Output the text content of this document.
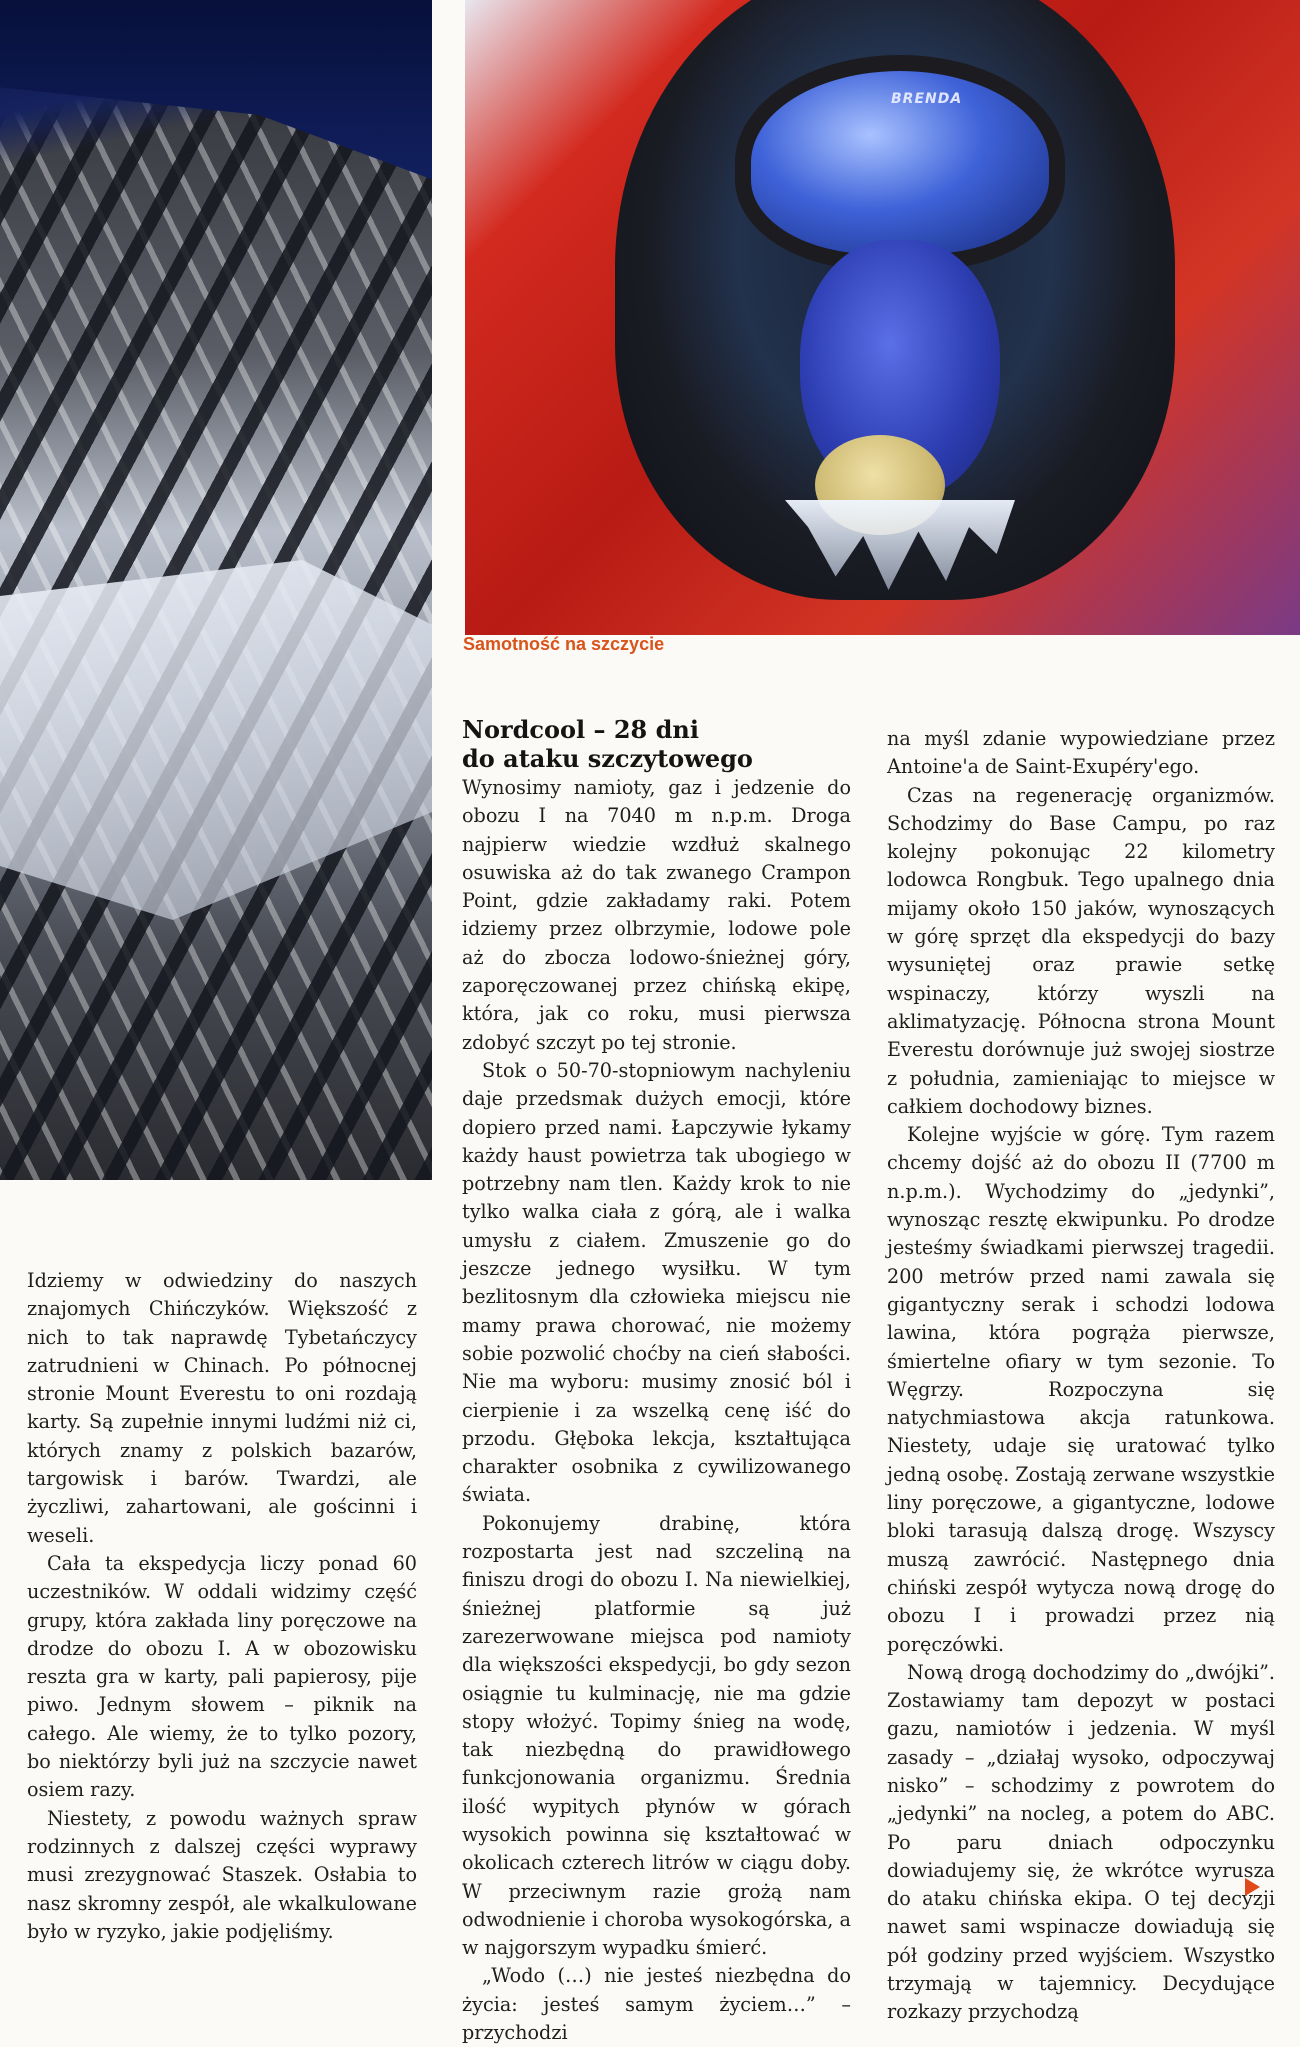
BRENDA

Samotność na szczycie

Nordcool – 28 dni
do ataku szczytowego

Idziemy w odwiedziny do naszych znajomych Chińczyków. Większość z nich to tak naprawdę Tybetańczycy zatrudnieni w Chinach. Po północnej stronie Mount Everestu to oni rozdają karty. Są zupełnie innymi ludźmi niż ci, których znamy z polskich bazarów, targowisk i barów. Twardzi, ale życzliwi, zahartowani, ale gościnni i weseli.

Cała ta ekspedycja liczy ponad 60 uczestników. W oddali widzimy część grupy, która zakłada liny poręczowe na drodze do obozu I. A w obozowisku reszta gra w karty, pali papierosy, pije piwo. Jednym słowem – piknik na całego. Ale wiemy, że to tylko pozory, bo niektórzy byli już na szczycie nawet osiem razy.

Niestety, z powodu ważnych spraw rodzinnych z dalszej części wyprawy musi zrezygnować Staszek. Osłabia to nasz skromny zespół, ale wkalkulowane było w ryzyko, jakie podjęliśmy.

Wynosimy namioty, gaz i jedzenie do obozu I na 7040 m n.p.m. Droga najpierw wiedzie wzdłuż skalnego osuwiska aż do tak zwanego Crampon Point, gdzie zakładamy raki. Potem idziemy przez olbrzymie, lodowe pole aż do zbocza lodowo-śnieżnej góry, zaporęczowanej przez chińską ekipę, która, jak co roku, musi pierwsza zdobyć szczyt po tej stronie.

Stok o 50-70-stopniowym nachyleniu daje przedsmak dużych emocji, które dopiero przed nami. Łapczywie łykamy każdy haust powietrza tak ubogiego w potrzebny nam tlen. Każdy krok to nie tylko walka ciała z górą, ale i walka umysłu z ciałem. Zmuszenie go do jeszcze jednego wysiłku. W tym bezlitosnym dla człowieka miejscu nie mamy prawa chorować, nie możemy sobie pozwolić choćby na cień słabości. Nie ma wyboru: musimy znosić ból i cierpienie i za wszelką cenę iść do przodu. Głęboka lekcja, kształtująca charakter osobnika z cywilizowanego świata.

Pokonujemy drabinę, która rozpostarta jest nad szczeliną na finiszu drogi do obozu I. Na niewielkiej, śnieżnej platformie są już zarezerwowane miejsca pod namioty dla większości ekspedycji, bo gdy sezon osiągnie tu kulminację, nie ma gdzie stopy włożyć. Topimy śnieg na wodę, tak niezbędną do prawidłowego funkcjonowania organizmu. Średnia ilość wypitych płynów w górach wysokich powinna się kształtować w okolicach czterech litrów w ciągu doby. W przeciwnym razie grożą nam odwodnienie i choroba wysokogórska, a w najgorszym wypadku śmierć.

„Wodo (…) nie jesteś niezbędna do życia: jesteś samym życiem…” – przychodzi

na myśl zdanie wypowiedziane przez Antoine'a de Saint-Exupéry'ego.

Czas na regenerację organizmów. Schodzimy do Base Campu, po raz kolejny pokonując 22 kilometry lodowca Rongbuk. Tego upalnego dnia mijamy około 150 jaków, wynoszących w górę sprzęt dla ekspedycji do bazy wysuniętej oraz prawie setkę wspinaczy, którzy wyszli na aklimatyzację. Północna strona Mount Everestu dorównuje już swojej siostrze z południa, zamieniając to miejsce w całkiem dochodowy biznes.

Kolejne wyjście w górę. Tym razem chcemy dojść aż do obozu II (7700 m n.p.m.). Wychodzimy do „jedynki”, wynosząc resztę ekwipunku. Po drodze jesteśmy świadkami pierwszej tragedii. 200 metrów przed nami zawala się gigantyczny serak i schodzi lodowa lawina, która pogrąża pierwsze, śmiertelne ofiary w tym sezonie. To Węgrzy. Rozpoczyna się natychmiastowa akcja ratunkowa. Niestety, udaje się uratować tylko jedną osobę. Zostają zerwane wszystkie liny poręczowe, a gigantyczne, lodowe bloki tarasują dalszą drogę. Wszyscy muszą zawrócić. Następnego dnia chiński zespół wytycza nową drogę do obozu I i prowadzi przez nią poręczówki.

Nową drogą dochodzimy do „dwójki”. Zostawiamy tam depozyt w postaci gazu, namiotów i jedzenia. W myśl zasady – „działaj wysoko, odpoczywaj nisko” – schodzimy z powrotem do „jedynki” na nocleg, a potem do ABC. Po paru dniach odpoczynku dowiadujemy się, że wkrótce wyrusza do ataku chińska ekipa. O tej decyzji nawet sami wspinacze dowiadują się pół godziny przed wyjściem. Wszystko trzymają w tajemnicy. Decydujące rozkazy przychodzą
